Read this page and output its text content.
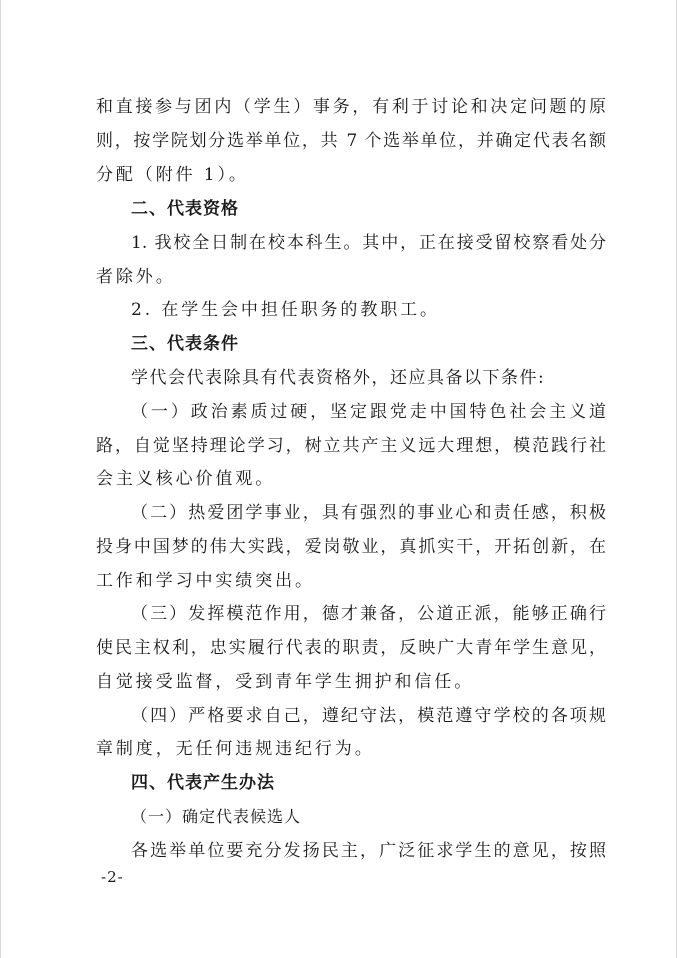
和直接参与团内（学生）事务，有利于讨论和决定问题的原
则，按学院划分选举单位，共 7 个选举单位，并确定代表名额
分配（附件 1）。
二、代表资格
1. 我校全日制在校本科生。其中，正在接受留校察看处分
者除外。
2. 在学生会中担任职务的教职工。
三、代表条件
学代会代表除具有代表资格外，还应具备以下条件:
（一）政治素质过硬，坚定跟党走中国特色社会主义道
路，自觉坚持理论学习，树立共产主义远大理想，模范践行社
会主义核心价值观。
（二）热爱团学事业，具有强烈的事业心和责任感，积极
投身中国梦的伟大实践，爱岗敬业，真抓实干，开拓创新，在
工作和学习中实绩突出。
（三）发挥模范作用，德才兼备，公道正派，能够正确行
使民主权利，忠实履行代表的职责，反映广大青年学生意见，
自觉接受监督，受到青年学生拥护和信任。
（四）严格要求自己，遵纪守法，模范遵守学校的各项规
章制度，无任何违规违纪行为。
四、代表产生办法
（一）确定代表候选人
各选举单位要充分发扬民主，广泛征求学生的意见，按照
-2-
